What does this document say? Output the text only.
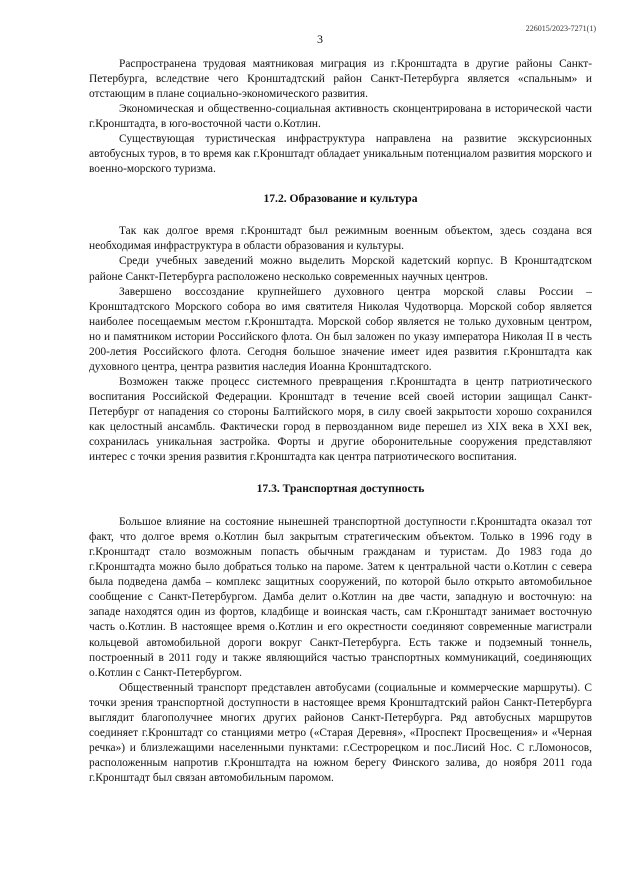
226015/2023-7271(1)
3

Распространена трудовая маятниковая миграция из г.Кронштадта в другие районы Санкт-Петербурга, вследствие чего Кронштадтский район Санкт-Петербурга является «спальным» и отстающим в плане социально-экономического развития.

Экономическая и общественно-социальная активность сконцентрирована в исторической части г.Кронштадта, в юго-восточной части о.Котлин.

Существующая туристическая инфраструктура направлена на развитие экскурсионных автобусных туров, в то время как г.Кронштадт обладает уникальным потенциалом развития морского и военно-морского туризма.

17.2. Образование и культура

Так как долгое время г.Кронштадт был режимным военным объектом, здесь создана вся необходимая инфраструктура в области образования и культуры.

Среди учебных заведений можно выделить Морской кадетский корпус. В Кронштадтском районе Санкт-Петербурга расположено несколько современных научных центров.

Завершено воссоздание крупнейшего духовного центра морской славы России – Кронштадтского Морского собора во имя святителя Николая Чудотворца. Морской собор является наиболее посещаемым местом г.Кронштадта. Морской собор является не только духовным центром, но и памятником истории Российского флота. Он был заложен по указу императора Николая II в честь 200-летия Российского флота. Сегодня большое значение имеет идея развития г.Кронштадта как духовного центра, центра развития наследия Иоанна Кронштадтского.

Возможен также процесс системного превращения г.Кронштадта в центр патриотического воспитания Российской Федерации. Кронштадт в течение всей своей истории защищал Санкт-Петербург от нападения со стороны Балтийского моря, в силу своей закрытости хорошо сохранился как целостный ансамбль. Фактически город в первозданном виде перешел из XIX века в XXI век, сохранилась уникальная застройка. Форты и другие оборонительные сооружения представляют интерес с точки зрения развития г.Кронштадта как центра патриотического воспитания.

17.3. Транспортная доступность

Большое влияние на состояние нынешней транспортной доступности г.Кронштадта оказал тот факт, что долгое время о.Котлин был закрытым стратегическим объектом. Только в 1996 году в г.Кронштадт стало возможным попасть обычным гражданам и туристам. До 1983 года до г.Кронштадта можно было добраться только на пароме. Затем к центральной части о.Котлин с севера была подведена дамба – комплекс защитных сооружений, по которой было открыто автомобильное сообщение с Санкт-Петербургом. Дамба делит о.Котлин на две части, западную и восточную: на западе находятся один из фортов, кладбище и воинская часть, сам г.Кронштадт занимает восточную часть о.Котлин. В настоящее время о.Котлин и его окрестности соединяют современные магистрали кольцевой автомобильной дороги вокруг Санкт-Петербурга. Есть также и подземный тоннель, построенный в 2011 году и также являющийся частью транспортных коммуникаций, соединяющих о.Котлин с Санкт-Петербургом.

Общественный транспорт представлен автобусами (социальные и коммерческие маршруты). С точки зрения транспортной доступности в настоящее время Кронштадтский район Санкт-Петербурга выглядит благополучнее многих других районов Санкт-Петербурга. Ряд автобусных маршрутов соединяет г.Кронштадт со станциями метро («Старая Деревня», «Проспект Просвещения» и «Черная речка») и близлежащими населенными пунктами: г.Сестрорецком и пос.Лисий Нос. С г.Ломоносов, расположенным напротив г.Кронштадта на южном берегу Финского залива, до ноября 2011 года г.Кронштадт был связан автомобильным паромом.
